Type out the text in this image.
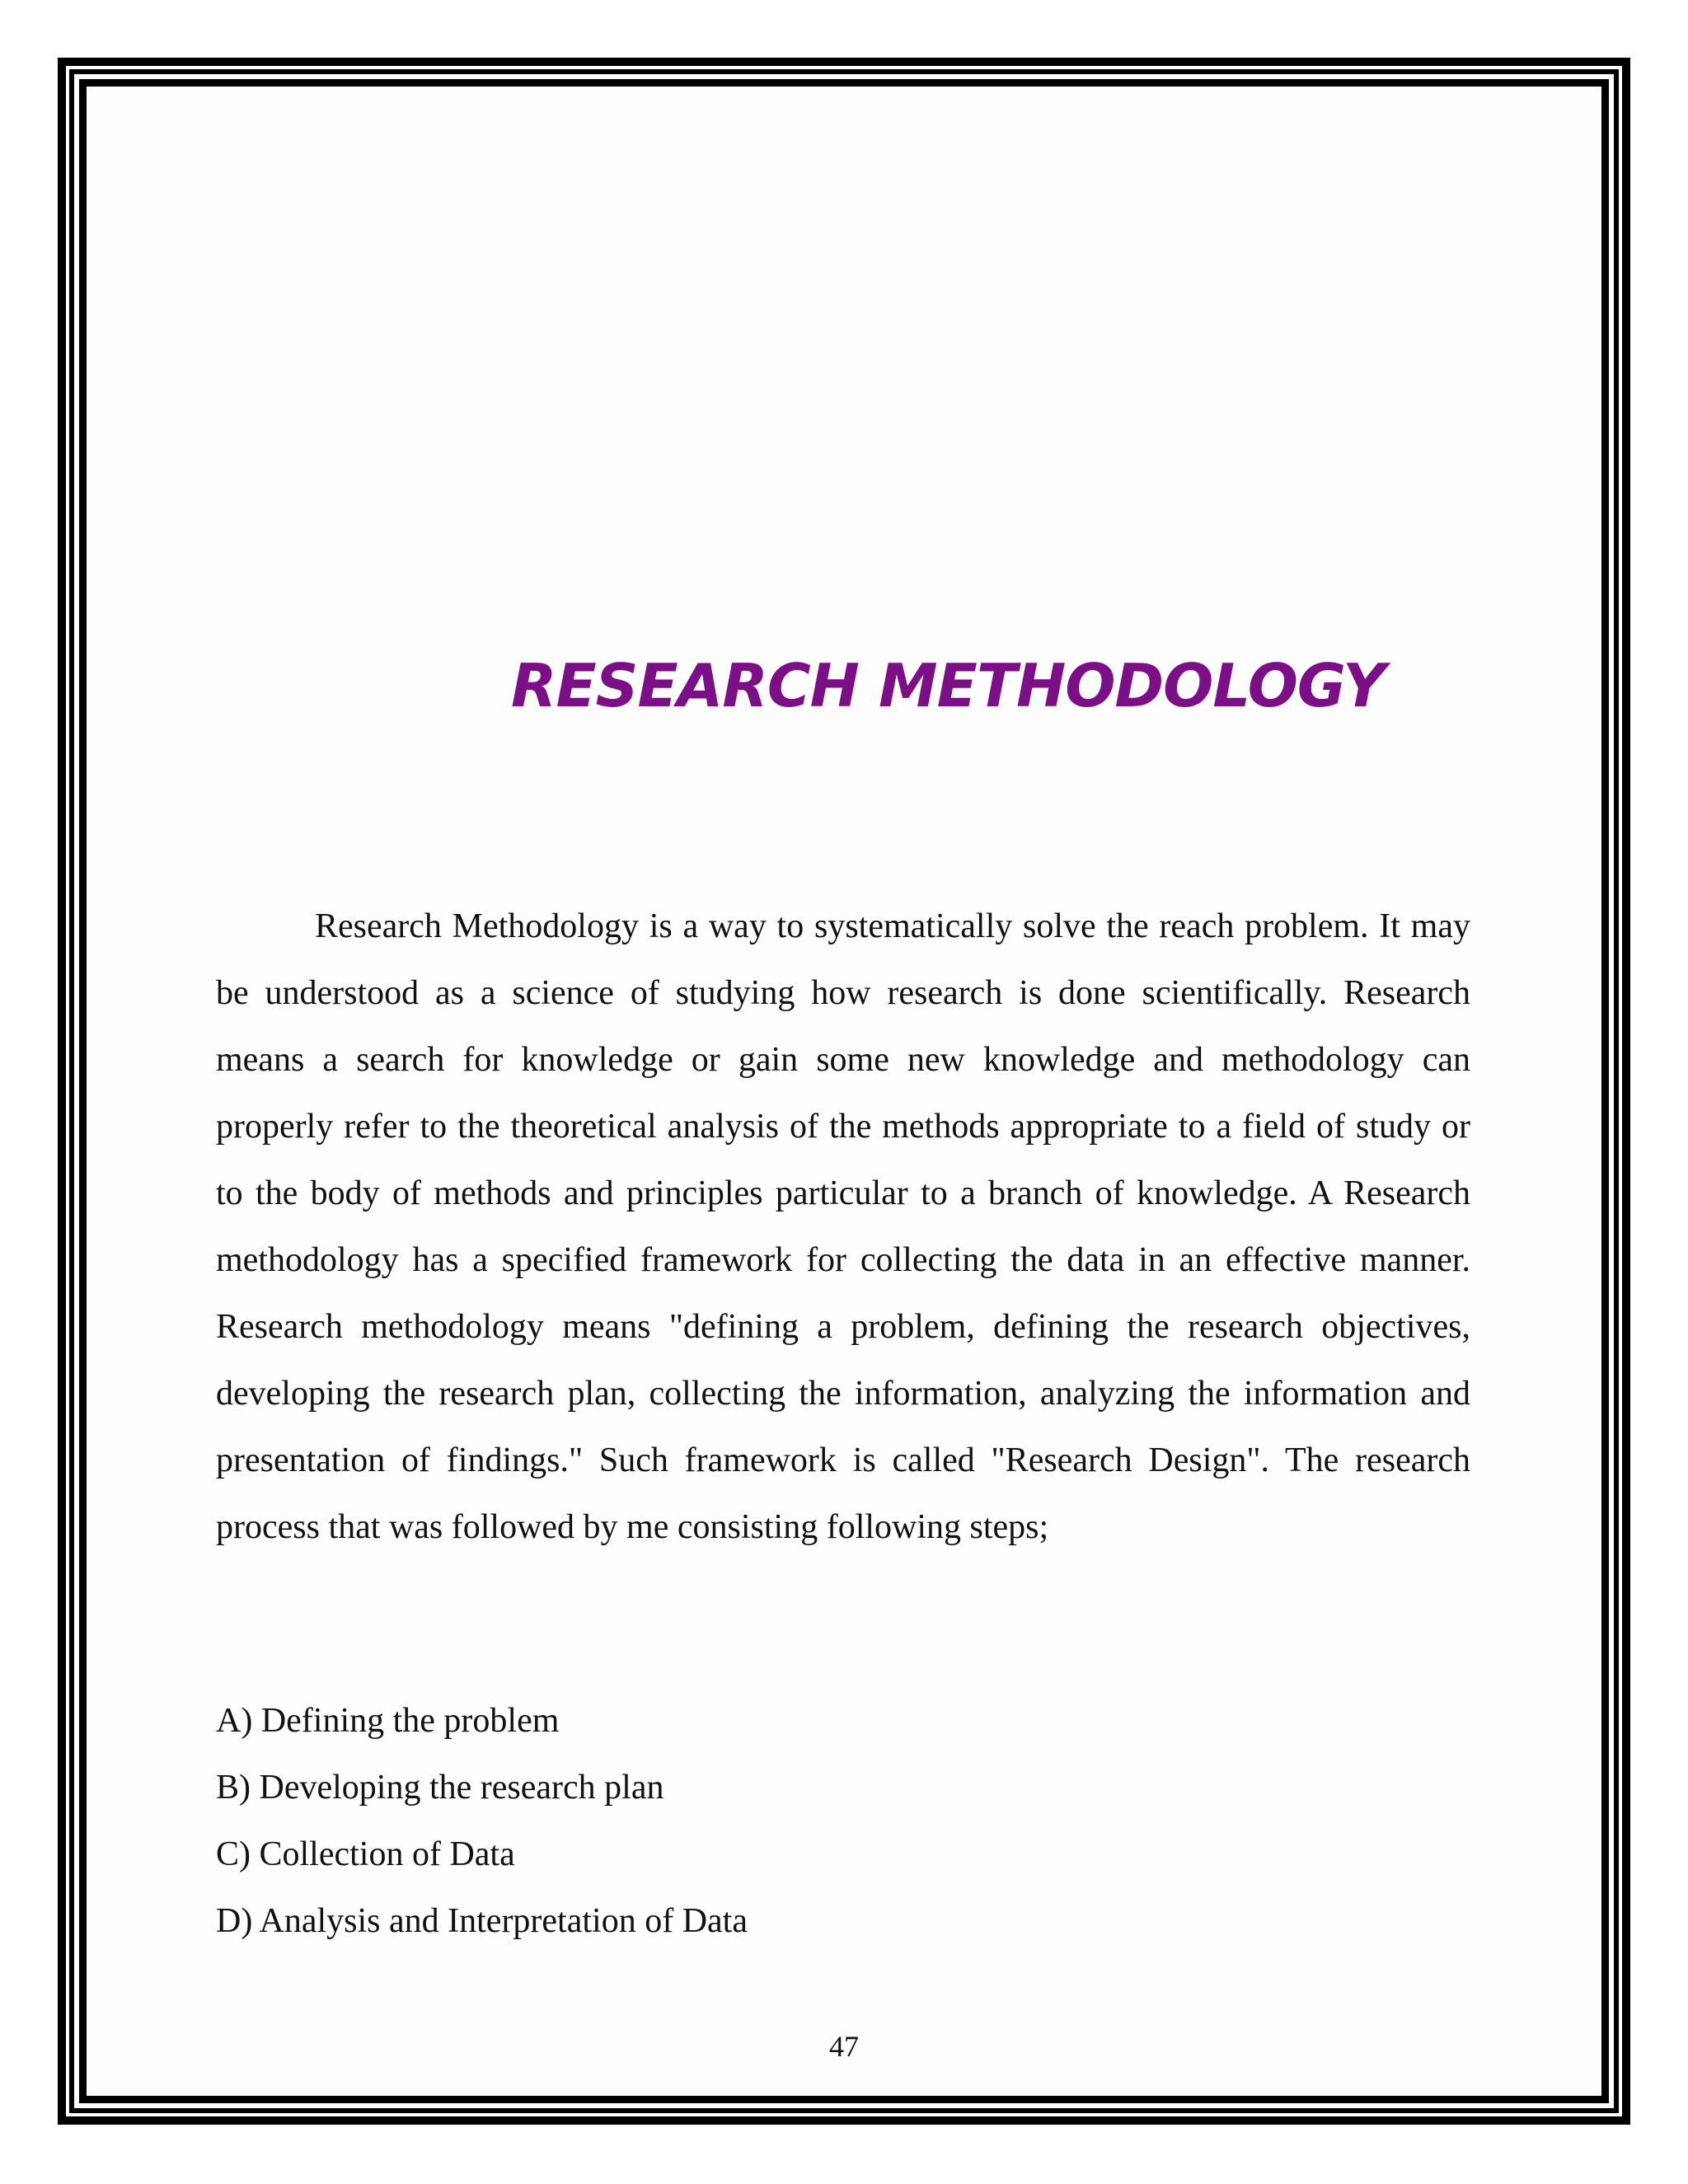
RESEARCH METHODOLOGY

Research Methodology is a way to systematically solve the reach problem. It may be understood as a science of studying how research is done scientifically. Research means a search for knowledge or gain some new knowledge and methodology can properly refer to the theoretical analysis of the methods appropriate to a field of study or to the body of methods and principles particular to a branch of knowledge. A Research methodology has a specified framework for collecting the data in an effective manner. Research methodology means "defining a problem, defining the research objectives, developing the research plan, collecting the information, analyzing the information and presentation of findings." Such framework is called "Research Design". The research process that was followed by me consisting following steps;

A) Defining the problem
B) Developing the research plan
C) Collection of Data
D) Analysis and Interpretation of Data

47
